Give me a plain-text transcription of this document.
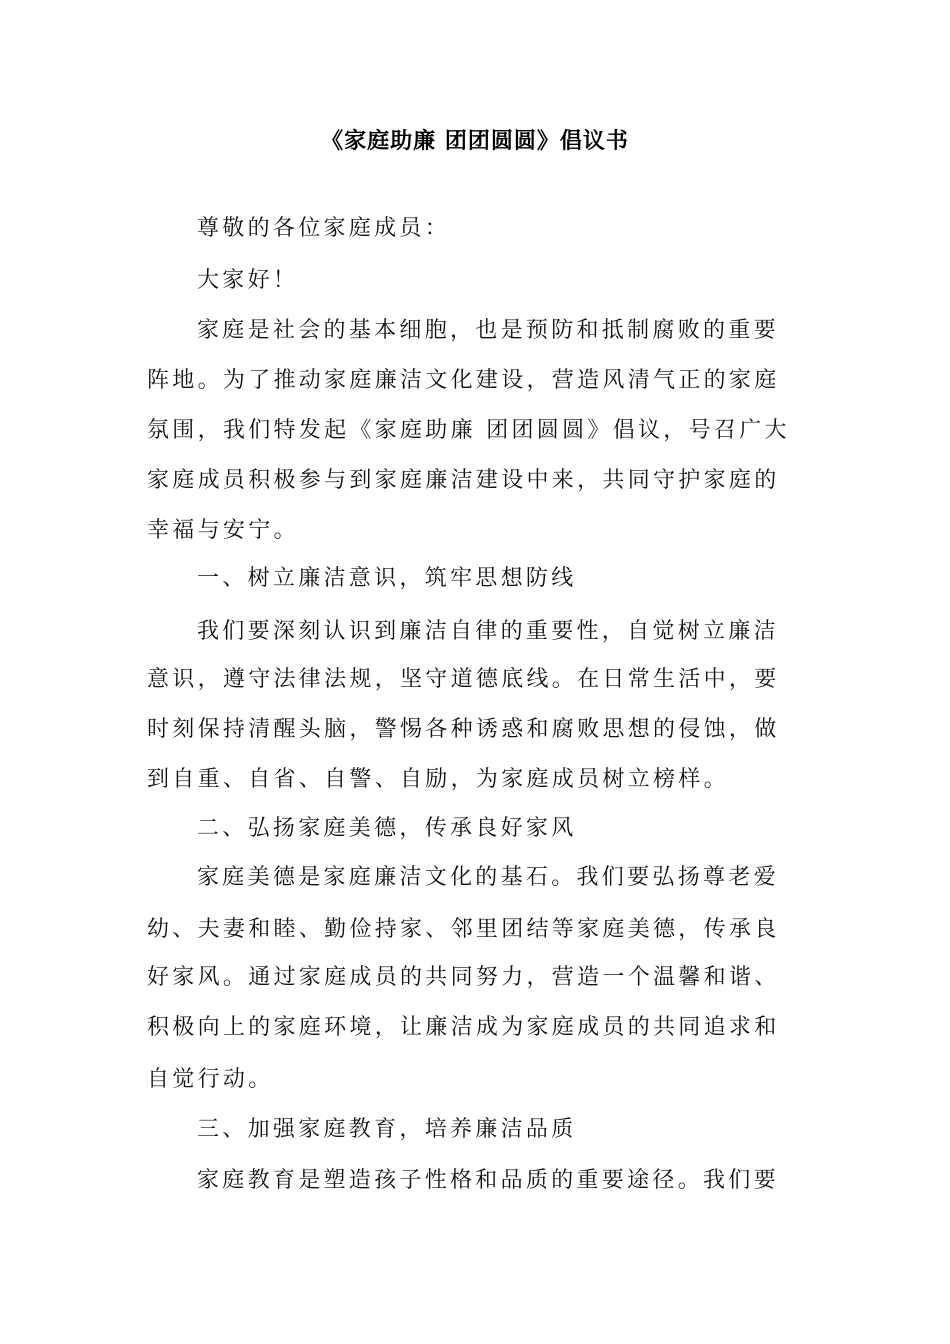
《家庭助廉 团团圆圆》倡议书
尊敬的各位家庭成员：
大家好！
家庭是社会的基本细胞，也是预防和抵制腐败的重要
阵地。为了推动家庭廉洁文化建设，营造风清气正的家庭
氛围，我们特发起《家庭助廉 团团圆圆》倡议，号召广大
家庭成员积极参与到家庭廉洁建设中来，共同守护家庭的
幸福与安宁。
一、树立廉洁意识，筑牢思想防线
我们要深刻认识到廉洁自律的重要性，自觉树立廉洁
意识，遵守法律法规，坚守道德底线。在日常生活中，要
时刻保持清醒头脑，警惕各种诱惑和腐败思想的侵蚀，做
到自重、自省、自警、自励，为家庭成员树立榜样。
二、弘扬家庭美德，传承良好家风
家庭美德是家庭廉洁文化的基石。我们要弘扬尊老爱
幼、夫妻和睦、勤俭持家、邻里团结等家庭美德，传承良
好家风。通过家庭成员的共同努力，营造一个温馨和谐、
积极向上的家庭环境，让廉洁成为家庭成员的共同追求和
自觉行动。
三、加强家庭教育，培养廉洁品质
家庭教育是塑造孩子性格和品质的重要途径。我们要
